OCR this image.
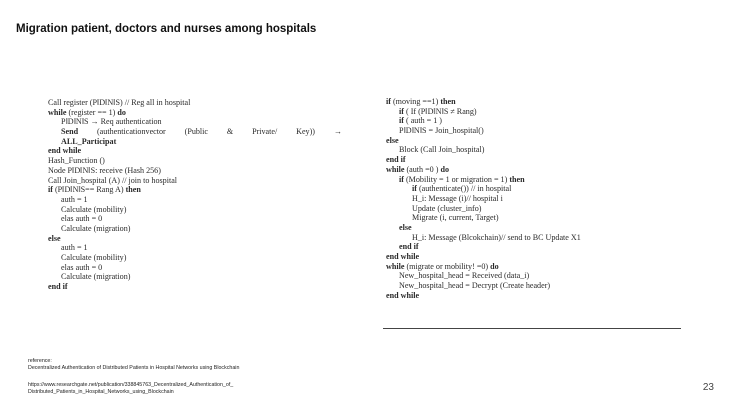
Migration patient, doctors and nurses among hospitals
Call register (P‖D‖N‖S) // Reg all in hospital
while (register == 1) do
P‖D‖N‖S → Req authentication
Send (authenticationvector (Public & Private/ Key)) →
ALL_Participat
end while
Hash_Function ()
Node P‖D‖N‖S: receive (Hash 256)
Call Join_hospital (A) // join to hospital
if (P‖D‖N‖S== Rang A) then
auth = 1
Calculate (mobility)
elas auth = 0
Calculate (migration)
else
auth = 1
Calculate (mobility)
elas auth = 0
Calculate (migration)
end if
if (moving ==1) then
if ( If (P‖D‖N‖S ≠ Rang)
if ( auth = 1 )
P‖D‖N‖S = Join_hospital()
else
Block (Call Join_hospital)
end if
while (auth =0 ) do
if (Mobility = 1 or migration = 1) then
if (authenticate()) // in hospital
H_i: Message (i)// hospital i
Update (cluster_info)
Migrate (i, current, Target)
else
H_i: Message (Blcokchain)// send to BC Update X1
end if
end while
while (migrate or mobility! =0) do
New_hospital_head = Received (data_i)
New_hospital_head = Decrypt (Create header)
end while
reference:
Decentralized Authentication of Distributed Patients in Hospital Networks using Blockchain
https://www.researchgate.net/publication/338845763_Decentralized_Authentication_of_
Distributed_Patients_in_Hospital_Networks_using_Blockchain	23
